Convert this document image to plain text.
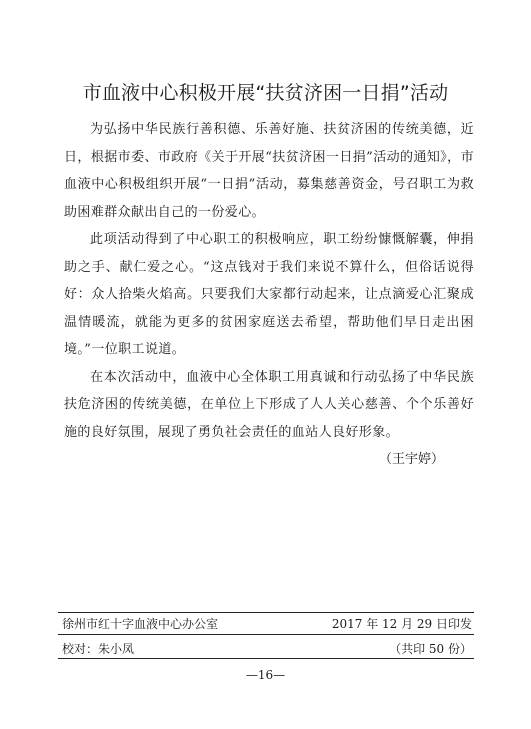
市血液中心积极开展“扶贫济困一日捐”活动

为弘扬中华民族行善积德、乐善好施、扶贫济困的传统美德，近日，根据市委、市政府《关于开展“扶贫济困一日捐”活动的通知》，市血液中心积极组织开展“一日捐”活动，募集慈善资金，号召职工为救助困难群众献出自己的一份爱心。

此项活动得到了中心职工的积极响应，职工纷纷慷慨解囊，伸捐助之手、献仁爱之心。“这点钱对于我们来说不算什么，但俗话说得好：众人拾柴火焰高。只要我们大家都行动起来，让点滴爱心汇聚成温情暖流，就能为更多的贫困家庭送去希望，帮助他们早日走出困境。”一位职工说道。

在本次活动中，血液中心全体职工用真诚和行动弘扬了中华民族扶危济困的传统美德，在单位上下形成了人人关心慈善、个个乐善好施的良好氛围，展现了勇负社会责任的血站人良好形象。

（王宇婷）

徐州市红十字血液中心办公室	2017 年 12 月 29 日印发
校对：朱小凤	（共印 50 份）
—16—
